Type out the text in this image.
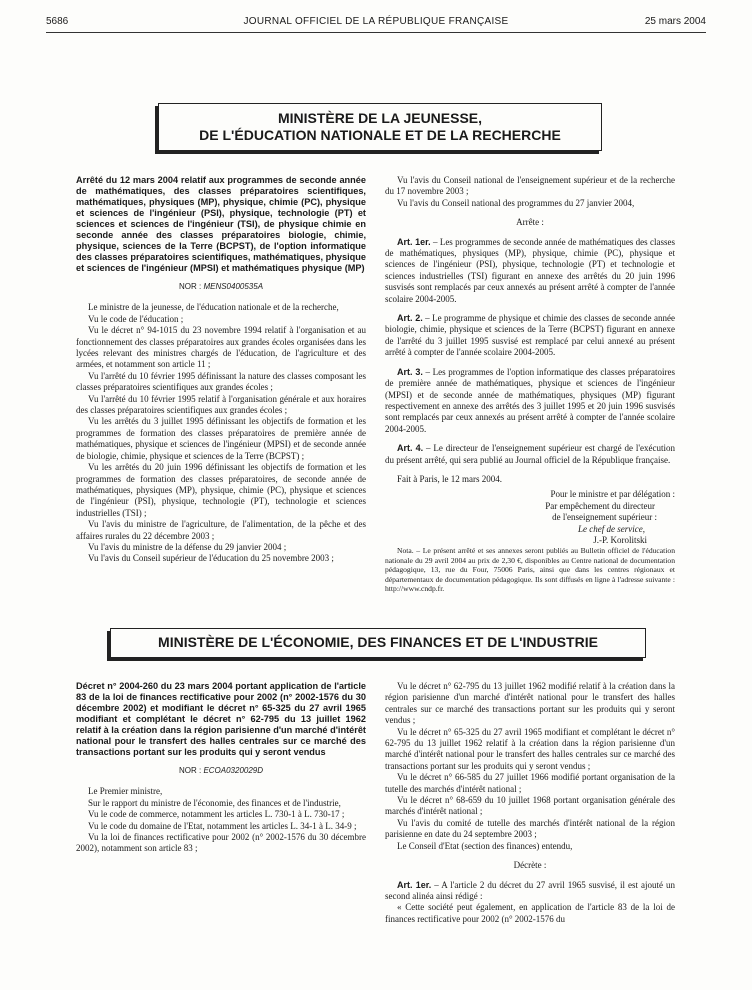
5686	JOURNAL OFFICIEL DE LA RÉPUBLIQUE FRANÇAISE	25 mars 2004
MINISTÈRE DE LA JEUNESSE,
DE L'ÉDUCATION NATIONALE ET DE LA RECHERCHE
Arrêté du 12 mars 2004 relatif aux programmes de seconde année de mathématiques, des classes préparatoires scientifiques, mathématiques, physiques (MP), physique, chimie (PC), physique et sciences de l'ingénieur (PSI), physique, technologie (PT) et sciences et sciences de l'ingénieur (TSI), de physique chimie en seconde année des classes préparatoires biologie, chimie, physique, sciences de la Terre (BCPST), de l'option informatique des classes préparatoires scientifiques, mathématiques, physique et sciences de l'ingénieur (MPSI) et mathématiques physique (MP)
NOR : MENS0400535A

Le ministre de la jeunesse, de l'éducation nationale et de la recherche,

Vu le code de l'éducation ;

Vu le décret n° 94-1015 du 23 novembre 1994 relatif à l'organisation et au fonctionnement des classes préparatoires aux grandes écoles organisées dans les lycées relevant des ministres chargés de l'éducation, de l'agriculture et des armées, et notamment son article 11 ;

Vu l'arrêté du 10 février 1995 définissant la nature des classes composant les classes préparatoires scientifiques aux grandes écoles ;

Vu l'arrêté du 10 février 1995 relatif à l'organisation générale et aux horaires des classes préparatoires scientifiques aux grandes écoles ;

Vu les arrêtés du 3 juillet 1995 définissant les objectifs de formation et les programmes de formation des classes préparatoires de première année de mathématiques, physique et sciences de l'ingénieur (MPSI) et de seconde année de biologie, chimie, physique et sciences de la Terre (BCPST) ;

Vu les arrêtés du 20 juin 1996 définissant les objectifs de formation et les programmes de formation des classes préparatoires, de seconde année de mathématiques, physiques (MP), physique, chimie (PC), physique et sciences de l'ingénieur (PSI), physique, technologie (PT), technologie et sciences industrielles (TSI) ;

Vu l'avis du ministre de l'agriculture, de l'alimentation, de la pêche et des affaires rurales du 22 décembre 2003 ;

Vu l'avis du ministre de la défense du 29 janvier 2004 ;

Vu l'avis du Conseil supérieur de l'éducation du 25 novembre 2003 ;

Vu l'avis du Conseil national de l'enseignement supérieur et de la recherche du 17 novembre 2003 ;

Vu l'avis du Conseil national des programmes du 27 janvier 2004,

Arrête :

Art. 1er. – Les programmes de seconde année de mathématiques des classes de mathématiques, physiques (MP), physique, chimie (PC), physique et sciences de l'ingénieur (PSI), physique, technologie (PT) et technologie et sciences industrielles (TSI) figurant en annexe des arrêtés du 20 juin 1996 susvisés sont remplacés par ceux annexés au présent arrêté à compter de l'année scolaire 2004-2005.

Art. 2. – Le programme de physique et chimie des classes de seconde année biologie, chimie, physique et sciences de la Terre (BCPST) figurant en annexe de l'arrêté du 3 juillet 1995 susvisé est remplacé par celui annexé au présent arrêté à compter de l'année scolaire 2004-2005.

Art. 3. – Les programmes de l'option informatique des classes préparatoires de première année de mathématiques, physique et sciences de l'ingénieur (MPSI) et de seconde année de mathématiques, physiques (MP) figurant respectivement en annexe des arrêtés des 3 juillet 1995 et 20 juin 1996 susvisés sont remplacés par ceux annexés au présent arrêté à compter de l'année scolaire 2004-2005.

Art. 4. – Le directeur de l'enseignement supérieur est chargé de l'exécution du présent arrêté, qui sera publié au Journal officiel de la République française.

Fait à Paris, le 12 mars 2004.

Pour le ministre et par délégation :

Par empêchement du directeur

de l'enseignement supérieur :

Le chef de service,

J.-P. Korolitski

Nota. – Le présent arrêté et ses annexes seront publiés au Bulletin officiel de l'éducation nationale du 29 avril 2004 au prix de 2,30 €, disponibles au Centre national de documentation pédagogique, 13, rue du Four, 75006 Paris, ainsi que dans les centres régionaux et départementaux de documentation pédagogique. Ils sont diffusés en ligne à l'adresse suivante : http://www.cndp.fr.

MINISTÈRE DE L'ÉCONOMIE, DES FINANCES ET DE L'INDUSTRIE
Décret n° 2004-260 du 23 mars 2004 portant application de l'article 83 de la loi de finances rectificative pour 2002 (n° 2002-1576 du 30 décembre 2002) et modifiant le décret n° 65-325 du 27 avril 1965 modifiant et complétant le décret n° 62-795 du 13 juillet 1962 relatif à la création dans la région parisienne d'un marché d'intérêt national pour le transfert des halles centrales sur ce marché des transactions portant sur les produits qui y seront vendus
NOR : ECOA0320029D

Le Premier ministre,

Sur le rapport du ministre de l'économie, des finances et de l'industrie,

Vu le code de commerce, notamment les articles L. 730-1 à L. 730-17 ;

Vu le code du domaine de l'Etat, notamment les articles L. 34-1 à L. 34-9 ;

Vu la loi de finances rectificative pour 2002 (n° 2002-1576 du 30 décembre 2002), notamment son article 83 ;

Vu le décret n° 62-795 du 13 juillet 1962 modifié relatif à la création dans la région parisienne d'un marché d'intérêt national pour le transfert des halles centrales sur ce marché des transactions portant sur les produits qui y seront vendus ;

Vu le décret n° 65-325 du 27 avril 1965 modifiant et complétant le décret n° 62-795 du 13 juillet 1962 relatif à la création dans la région parisienne d'un marché d'intérêt national pour le transfert des halles centrales sur ce marché des transactions portant sur les produits qui y seront vendus ;

Vu le décret n° 66-585 du 27 juillet 1966 modifié portant organisation de la tutelle des marchés d'intérêt national ;

Vu le décret n° 68-659 du 10 juillet 1968 portant organisation générale des marchés d'intérêt national ;

Vu l'avis du comité de tutelle des marchés d'intérêt national de la région parisienne en date du 24 septembre 2003 ;

Le Conseil d'Etat (section des finances) entendu,

Décrète :

Art. 1er. – A l'article 2 du décret du 27 avril 1965 susvisé, il est ajouté un second alinéa ainsi rédigé :

« Cette société peut également, en application de l'article 83 de la loi de finances rectificative pour 2002 (n° 2002-1576 du
